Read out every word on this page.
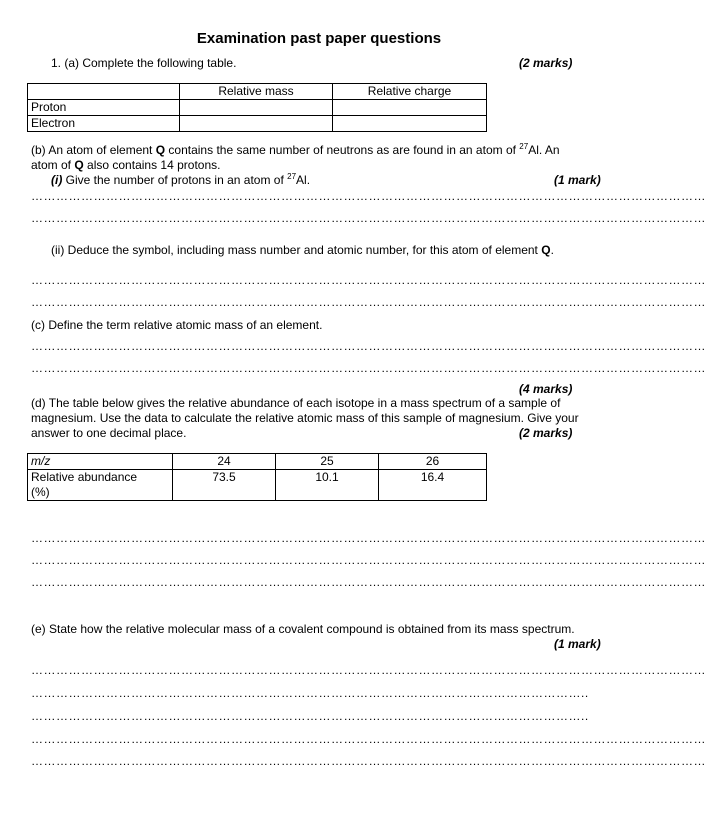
Examination past paper questions
1. (a) Complete the following table.	(2 marks)
	Relative mass	Relative charge
Proton		
Electron		
(b) An atom of element Q contains the same number of neutrons as are found in an atom of $^{27}$Al. An
atom of Q also contains 14 protons.
(i) Give the number of protons in an atom of $^{27}$Al.	(1 mark)
………………………………………………………………………………………………………………………………………………
………………………………………………………………………………………………………………………………………………
(ii) Deduce the symbol, including mass number and atomic number, for this atom of element Q.
………………………………………………………………………………………………………………………………………………
………………………………………………………………………………………………………………………………………………
(c) Define the term relative atomic mass of an element.
………………………………………………………………………………………………………………………………………………
………………………………………………………………………………………………………………………………………………
(4 marks)
(d) The table below gives the relative abundance of each isotope in a mass spectrum of a sample of
magnesium. Use the data to calculate the relative atomic mass of this sample of magnesium. Give your
answer to one decimal place.	(2 marks)
m/z	24	25	26

Relative abundance
(%)	73.5	10.1	16.4
………………………………………………………………………………………………………………………………………………
………………………………………………………………………………………………………………………………………………
………………………………………………………………………………………………………………………………………………
(e) State how the relative molecular mass of a covalent compound is obtained from its mass spectrum.
(1 mark)
………………………………………………………………………………………………………………………………………………
……………………………………………………………………………………………………………………..
……………………………………………………………………………………………………………………..
………………………………………………………………………………………………………………………………………………
………………………………………………………………………………………………………………………………………………
